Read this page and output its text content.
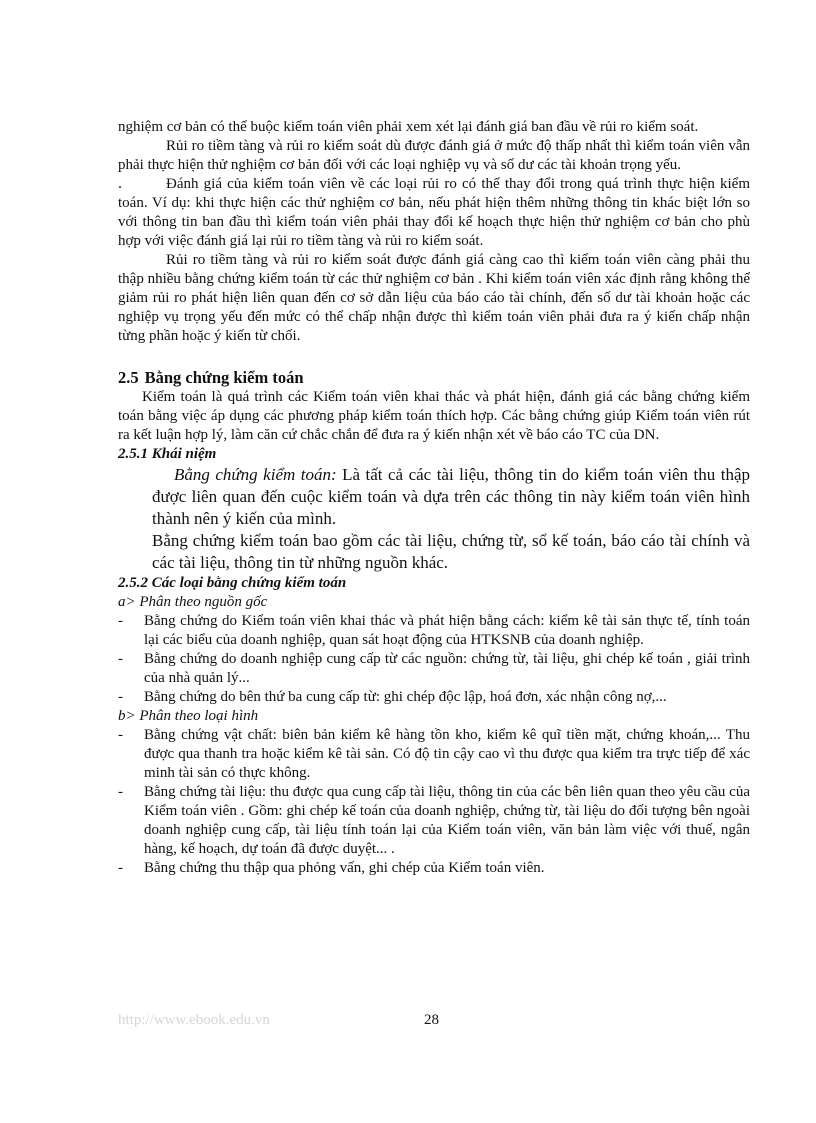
nghiệm cơ bản có thể buộc kiểm toán viên phải xem xét lại đánh giá ban đầu về rủi ro kiểm soát.

Rủi ro tiềm tàng và rủi ro kiểm soát dù được đánh giá ở mức độ thấp nhất thì kiểm toán viên vẫn phải thực hiện thử nghiệm cơ bản đối với các loại nghiệp vụ và số dư các tài khoản trọng yếu.

.	Đánh giá của kiểm toán viên về các loại rủi ro có thể thay đổi trong quá trình thực hiện kiểm toán. Ví dụ: khi thực hiện các thử nghiệm cơ bản, nếu phát hiện thêm những thông tin khác biệt lớn so với thông tin ban đầu thì kiểm toán viên phải thay đổi kế hoạch thực hiện thử nghiệm cơ bản cho phù hợp với việc đánh giá lại rủi ro tiềm tàng và rủi ro kiểm soát.

Rủi ro tiềm tàng và rủi ro kiểm soát được đánh giá càng cao thì kiểm toán viên càng phải thu thập nhiều bằng chứng kiểm toán từ các thử nghiệm cơ bản . Khi kiểm toán viên xác định rằng không thể giảm rủi ro phát hiện liên quan đến cơ sở dẫn liệu của báo cáo tài chính, đến số dư tài khoản hoặc các nghiệp vụ trọng yếu đến mức có thể chấp nhận được thì kiểm toán viên phải đưa ra ý kiến chấp nhận từng phần hoặc ý kiến từ chối.

2.5 Bằng chứng kiểm toán

Kiểm toán là quá trình các Kiểm toán viên khai thác và phát hiện, đánh giá các bằng chứng kiểm toán bằng việc áp dụng các phương pháp kiểm toán thích hợp. Các bằng chứng giúp Kiểm toán viên rút ra kết luận hợp lý, làm căn cứ chắc chắn để đưa ra ý kiến nhận xét về báo cáo TC của DN.

2.5.1 Khái niệm

Bằng chứng kiểm toán: Là tất cả các tài liệu, thông tin do kiểm toán viên thu thập được liên quan đến cuộc kiểm toán và dựa trên các thông tin này kiểm toán viên hình thành nên ý kiến của mình.

Bằng chứng kiểm toán bao gồm các tài liệu, chứng từ, sổ kế toán, báo cáo tài chính và các tài liệu, thông tin từ những nguồn khác.

2.5.2 Các loại bằng chứng kiểm toán

a> Phân theo nguồn gốc

-	Bằng chứng do Kiểm toán viên khai thác và phát hiện bằng cách: kiểm kê tài sản thực tế, tính toán lại các biểu của doanh nghiệp, quan sát hoạt động của HTKSNB của doanh nghiệp.
-	Bằng chứng do doanh nghiệp cung cấp từ các nguồn: chứng từ, tài liệu, ghi chép kế toán , giải trình của nhà quản lý...
-	Bằng chứng do bên thứ ba cung cấp từ: ghi chép độc lập, hoá đơn, xác nhận công nợ,...

b> Phân theo loại hình

-	Bằng chứng vật chất: biên bản kiểm kê hàng tồn kho, kiểm kê quĩ tiền mặt, chứng khoán,... Thu được qua thanh tra hoặc kiểm kê tài sản. Có độ tin cậy cao vì thu được qua kiểm tra trực tiếp để xác minh tài sản có thực không.
-	Bằng chứng tài liệu: thu được qua cung cấp tài liệu, thông tin của các bên liên quan theo yêu cầu của Kiểm toán viên . Gồm: ghi chép kế toán của doanh nghiệp, chứng từ, tài liệu do đối tượng bên ngoài doanh nghiệp cung cấp, tài liệu tính toán lại của Kiểm toán viên, văn bản làm việc với thuế, ngân hàng, kế hoạch, dự toán đã được duyệt... .
-	Bằng chứng thu thập qua phỏng vấn, ghi chép của Kiểm toán viên.
http://www.ebook.edu.vn	28
